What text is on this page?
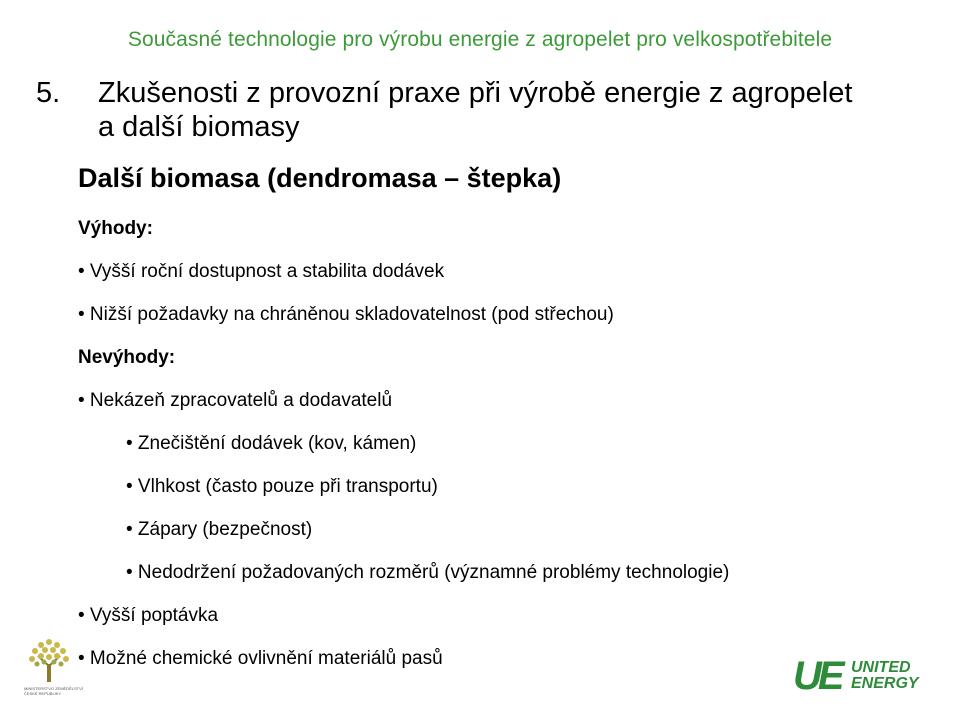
Současné technologie pro výrobu energie z agropelet pro velkospotřebitele
5. Zkušenosti z provozní praxe při výrobě energie z agropelet
a další biomasy
Další biomasa (dendromasa – štepka)
Výhody:
• Vyšší roční dostupnost a stabilita dodávek
• Nižší požadavky na chráněnou skladovatelnost (pod střechou)
Nevýhody:
• Nekázeň zpracovatelů a dodavatelů
• Znečištění dodávek (kov, kámen)
• Vlhkost (často pouze při transportu)
• Zápary (bezpečnost)
• Nedodržení požadovaných rozměrů (významné problémy technologie)
• Vyšší poptávka
• Možné chemické ovlivnění materiálů pasů
MINISTERSTVO ZEMĚDĚLSTVÍ
ČESKÉ REPUBLIKY	UE UNITED
ENERGY
